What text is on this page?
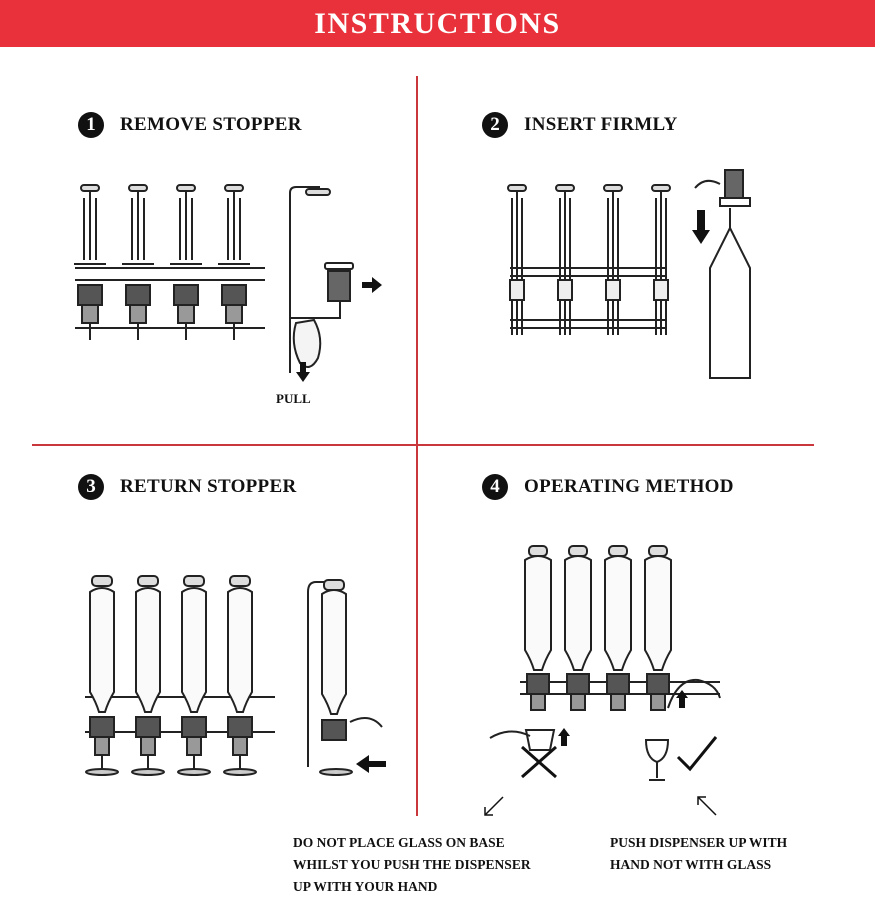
INSTRUCTIONS
1	REMOVE STOPPER	2	INSERT FIRMLY
3	RETURN STOPPER	4	OPERATING METHOD
PULL
DO NOT PLACE GLASS ON BASE
WHILST YOU PUSH THE DISPENSER
UP WITH YOUR HAND
PUSH DISPENSER UP WITH
HAND NOT WITH GLASS
